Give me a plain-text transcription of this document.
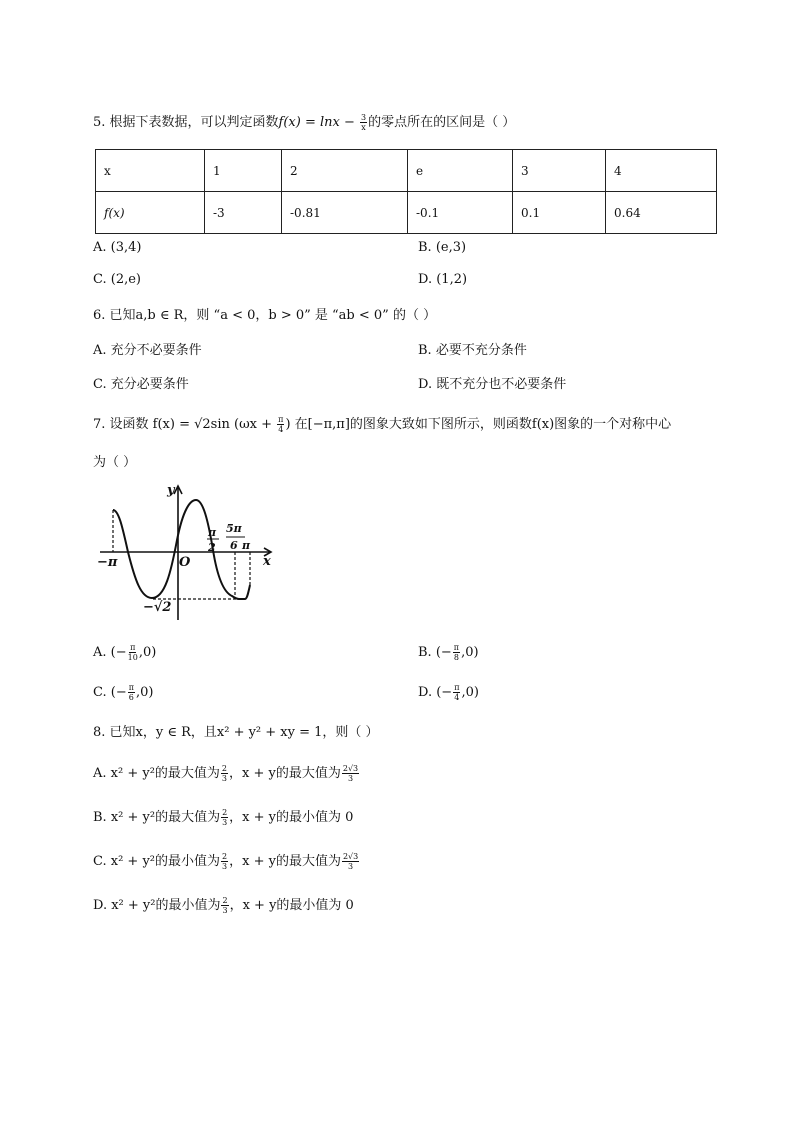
5. 根据下表数据，可以判定函数$f(x) = \ln x - \frac{3}{x}$ 的零点所在的区间是（ ）
x	1	2	e	3	4
f(x)	-3	-0.81	-0.1	0.1	0.64
A. (3,4)	B. (e,3)
C. (2,e)	D. (1,2)
6. 已知a,b ∈ R，则 “a < 0，b > 0” 是 “ab < 0” 的（ ）
A. 充分不必要条件	B. 必要不充分条件
C. 充分必要条件	D. 既不充分也不必要条件
7. 设函数 f(x) = √2sin ($\omega x + \frac{\pi}{4}$ ) 在[−π,π]的图象大致如下图所示，则函数f(x)图象的一个对称中心
为（ ）
y
x
O
−π
π
2
5π
6 π
−√2
A. (− $\frac{\pi}{10} ,0$)	B. (− $\frac{\pi}{8} ,0$)
C. (− $\frac{\pi}{6} ,0$)	D. (− $\frac{\pi}{4} ,0$)
8. 已知x，y ∈ R，且x² + y² + xy = 1，则（ ）
A. x² + y²的最大值为 $\frac{2}{3}$ ，x + y的最大值为 $\frac{2√3}{3}$
B. x² + y²的最大值为 $\frac{2}{3}$ ，x + y的最小值为 0
C. x² + y²的最小值为 $\frac{2}{3}$ ，x + y的最大值为 $\frac{2√3}{3}$
D. x² + y²的最小值为 $\frac{2}{3}$ ，x + y的最小值为 0
